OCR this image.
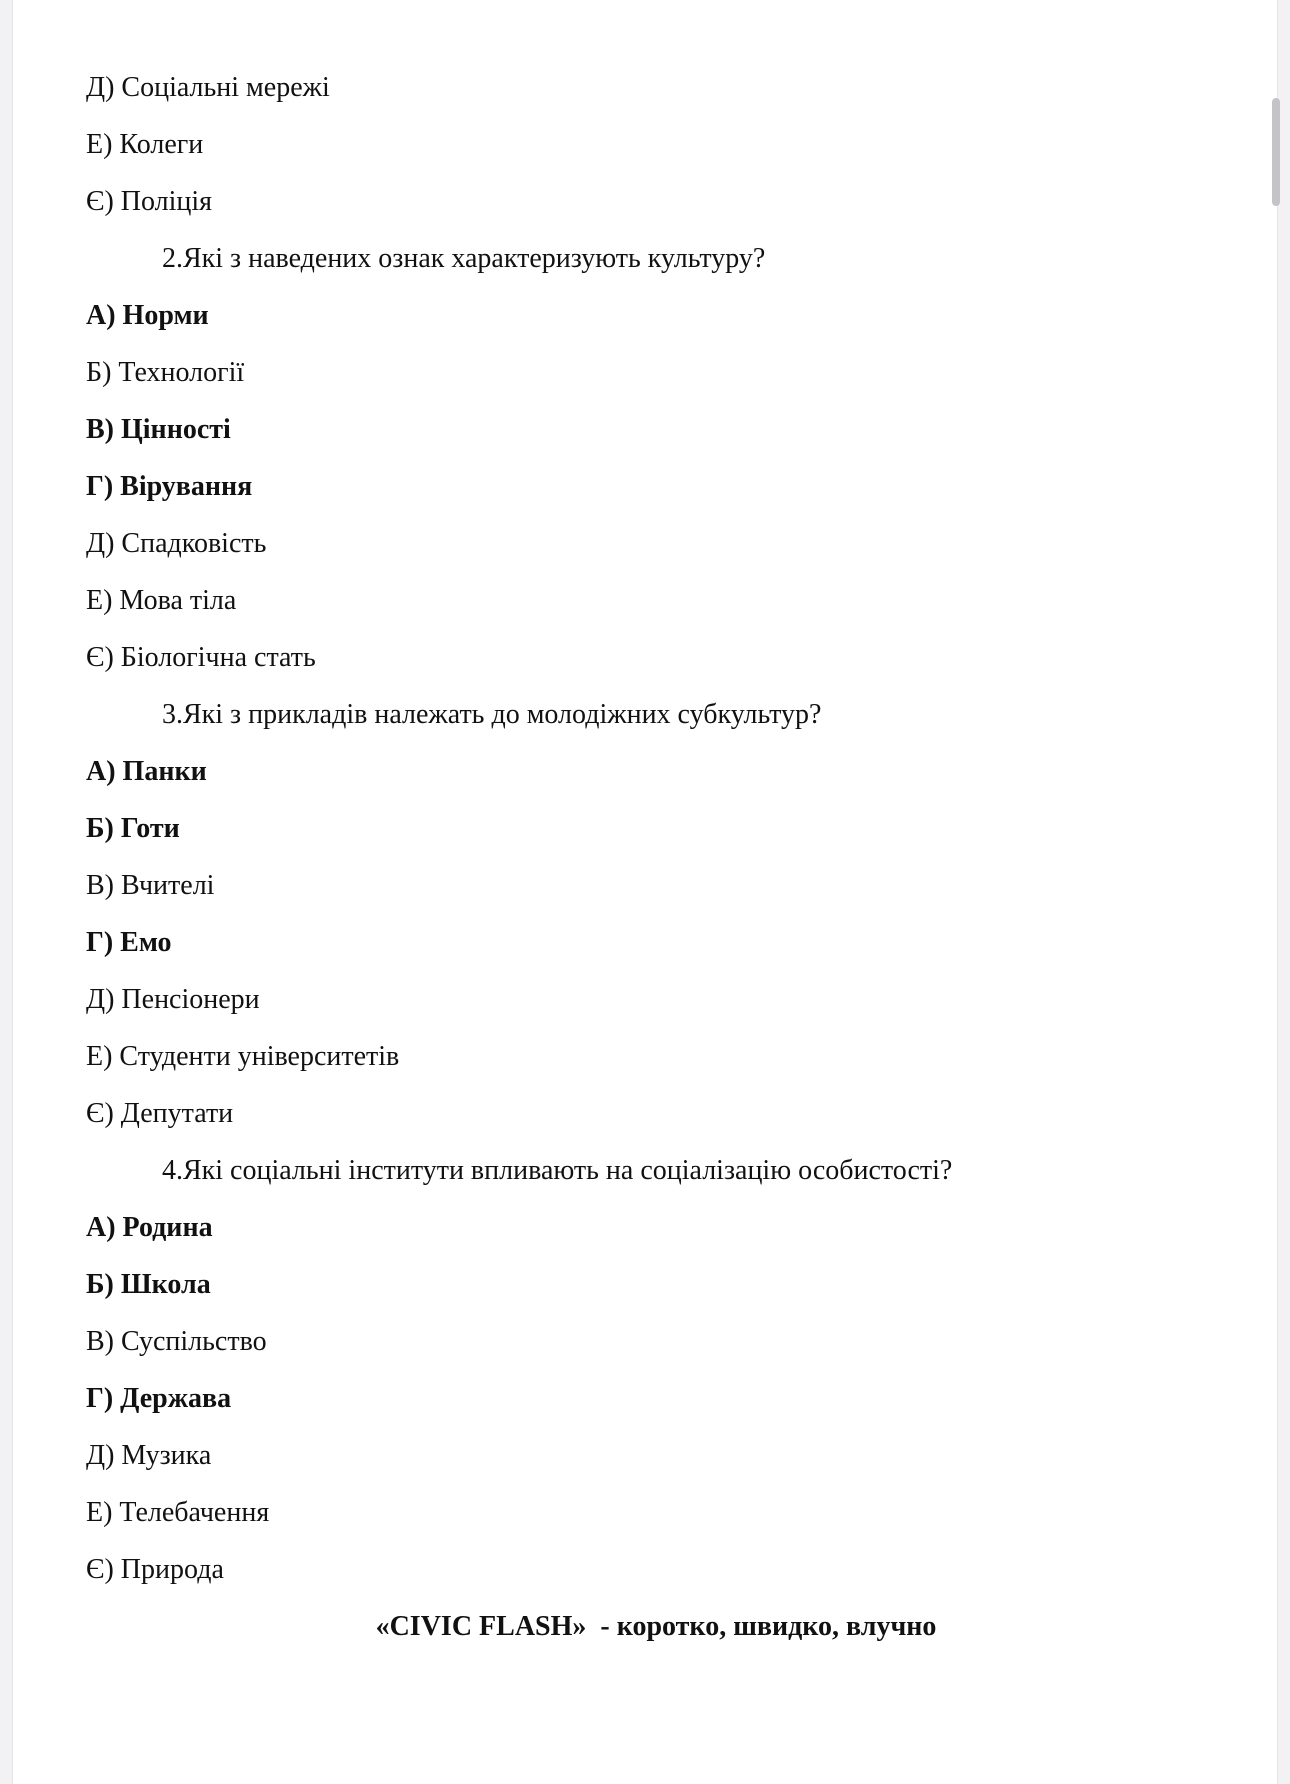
Д) Соціальні мережі
Е) Колеги
Є) Поліція
2.Які з наведених ознак характеризують культуру?
А) Норми
Б) Технології
В) Цінності
Г) Вірування
Д) Спадковість
Е) Мова тіла
Є) Біологічна стать
3.Які з прикладів належать до молодіжних субкультур?
А) Панки
Б) Готи
В) Вчителі
Г) Емо
Д) Пенсіонери
Е) Студенти університетів
Є) Депутати
4.Які соціальні інститути впливають на соціалізацію особистості?
А) Родина
Б) Школа
В) Суспільство
Г) Держава
Д) Музика
Е) Телебачення
Є) Природа
«CIVIC FLASH»  - коротко, швидко, влучно
